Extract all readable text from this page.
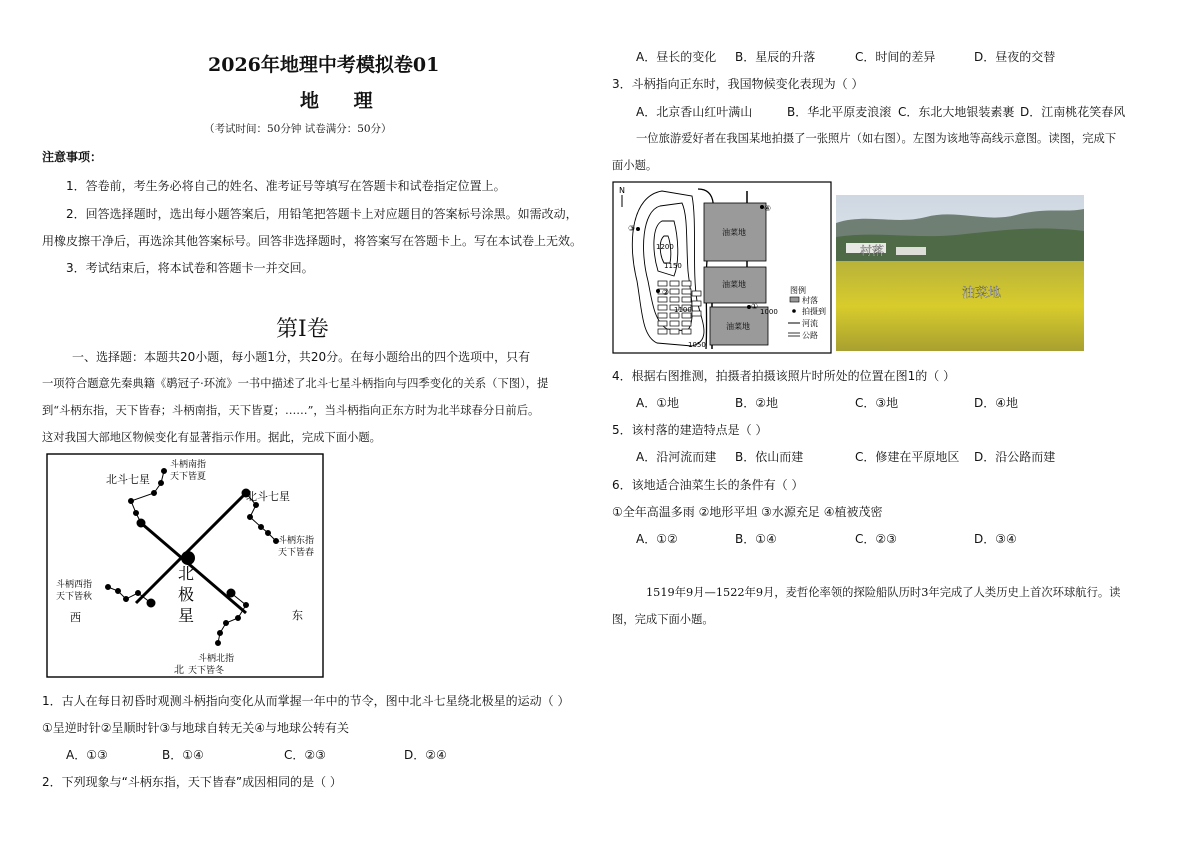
2026年地理中考模拟卷01
地 理
（考试时间：50分钟 试卷满分：50分）
注意事项：
1．答卷前，考生务必将自己的姓名、准考证号等填写在答题卡和试卷指定位置上。
2．回答选择题时，选出每小题答案后，用铅笔把答题卡上对应题目的答案标号涂黑。如需改动，
用橡皮擦干净后，再选涂其他答案标号。回答非选择题时，将答案写在答题卡上。写在本试卷上无效。
3．考试结束后，将本试卷和答题卡一并交回。
第Ⅰ卷
一、选择题：本题共20小题，每小题1分，共20分。在每小题给出的四个选项中，只有
一项符合题意先秦典籍《鹖冠子·环流》一书中描述了北斗七星斗柄指向与四季变化的关系（下图），提
到“斗柄东指，天下皆春；斗柄南指，天下皆夏；……”，当斗柄指向正东方时为北半球春分日前后。
这对我国大部地区物候变化有显著指示作用。据此，完成下面小题。
北斗七星
北斗七星
斗柄南指
天下皆夏
斗柄东指
天下皆春
斗柄西指
天下皆秋
斗柄北指
天下皆冬
北
极
星
西	东
北
1．古人在每日初昏时观测斗柄指向变化从而掌握一年中的节令，图中北斗七星绕北极星的运动（ ）
①呈逆时针②呈顺时针③与地球自转无关④与地球公转有关
A．①③	B．①④	C．②③	D．②④
2．下列现象与“斗柄东指，天下皆春”成因相同的是（ ）
A．昼长的变化 B．星辰的升落	C．时间的差异	D．昼夜的交替
3．斗柄指向正东时，我国物候变化表现为（ ）
A．北京香山红叶满山	B．华北平原麦浪滚 C．东北大地银装素裹 D．江南桃花笑春风
一位旅游爱好者在我国某地拍摄了一张照片（如右图）。左图为该地等高线示意图。读图，完成下
面小题。
N
油菜地
油菜地
油菜地
1200
1150
1100
1050
1000
①
②
③
④
图例
村落
拍摄到
河流
公路
村落
油菜地
4．根据右图推测，拍摄者拍摄该照片时所处的位置在图1的（ ）
A．①地	B．②地	C．③地	D．④地
5．该村落的建造特点是（ ）
A．沿河流而建 B．依山而建	C．修建在平原地区 D．沿公路而建
6．该地适合油菜生长的条件有（ ）
①全年高温多雨 ②地形平坦 ③水源充足 ④植被茂密
A．①②	B．①④	C．②③	D．③④
1519年9月—1522年9月，麦哲伦率领的探险船队历时3年完成了人类历史上首次环球航行。读
图，完成下面小题。
